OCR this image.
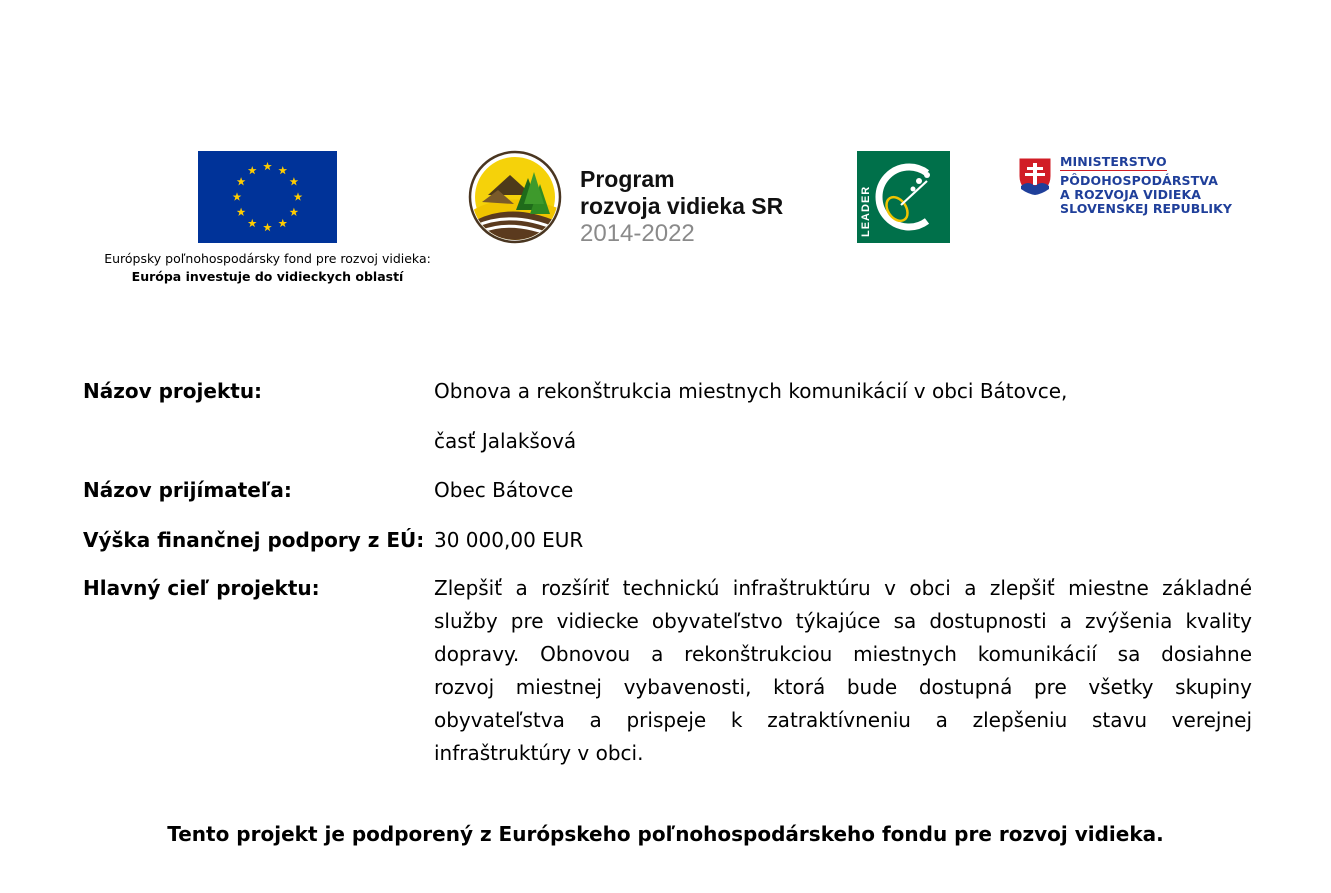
Európsky poľnohospodársky fond pre rozvoj vidieka:
Európa investuje do vidieckych oblastí
Program
rozvoja vidieka SR
2014-2022	LEADER
MINISTERSTVO
PÔDOHOSPODÁRSTVA
A ROZVOJA VIDIEKA
SLOVENSKEJ REPUBLIKY
Názov projektu:	Obnova a rekonštrukcia miestnych komunikácií v obci Bátovce,
časť Jalakšová
Názov prijímateľa:	Obec Bátovce
Výška finančnej podpory z EÚ: 30 000,00 EUR
Hlavný cieľ projektu:	Zlepšiť a rozšíriť technickú infraštruktúru v obci a zlepšiť miestne základné
služby pre vidiecke obyvateľstvo týkajúce sa dostupnosti a zvýšenia kvality
dopravy. Obnovou a rekonštrukciou miestnych komunikácií sa dosiahne
rozvoj miestnej vybavenosti, ktorá bude dostupná pre všetky skupiny
obyvateľstva a prispeje k zatraktívneniu a zlepšeniu stavu verejnej
infraštruktúry v obci.
Tento projekt je podporený z Európskeho poľnohospodárskeho fondu pre rozvoj vidieka.
